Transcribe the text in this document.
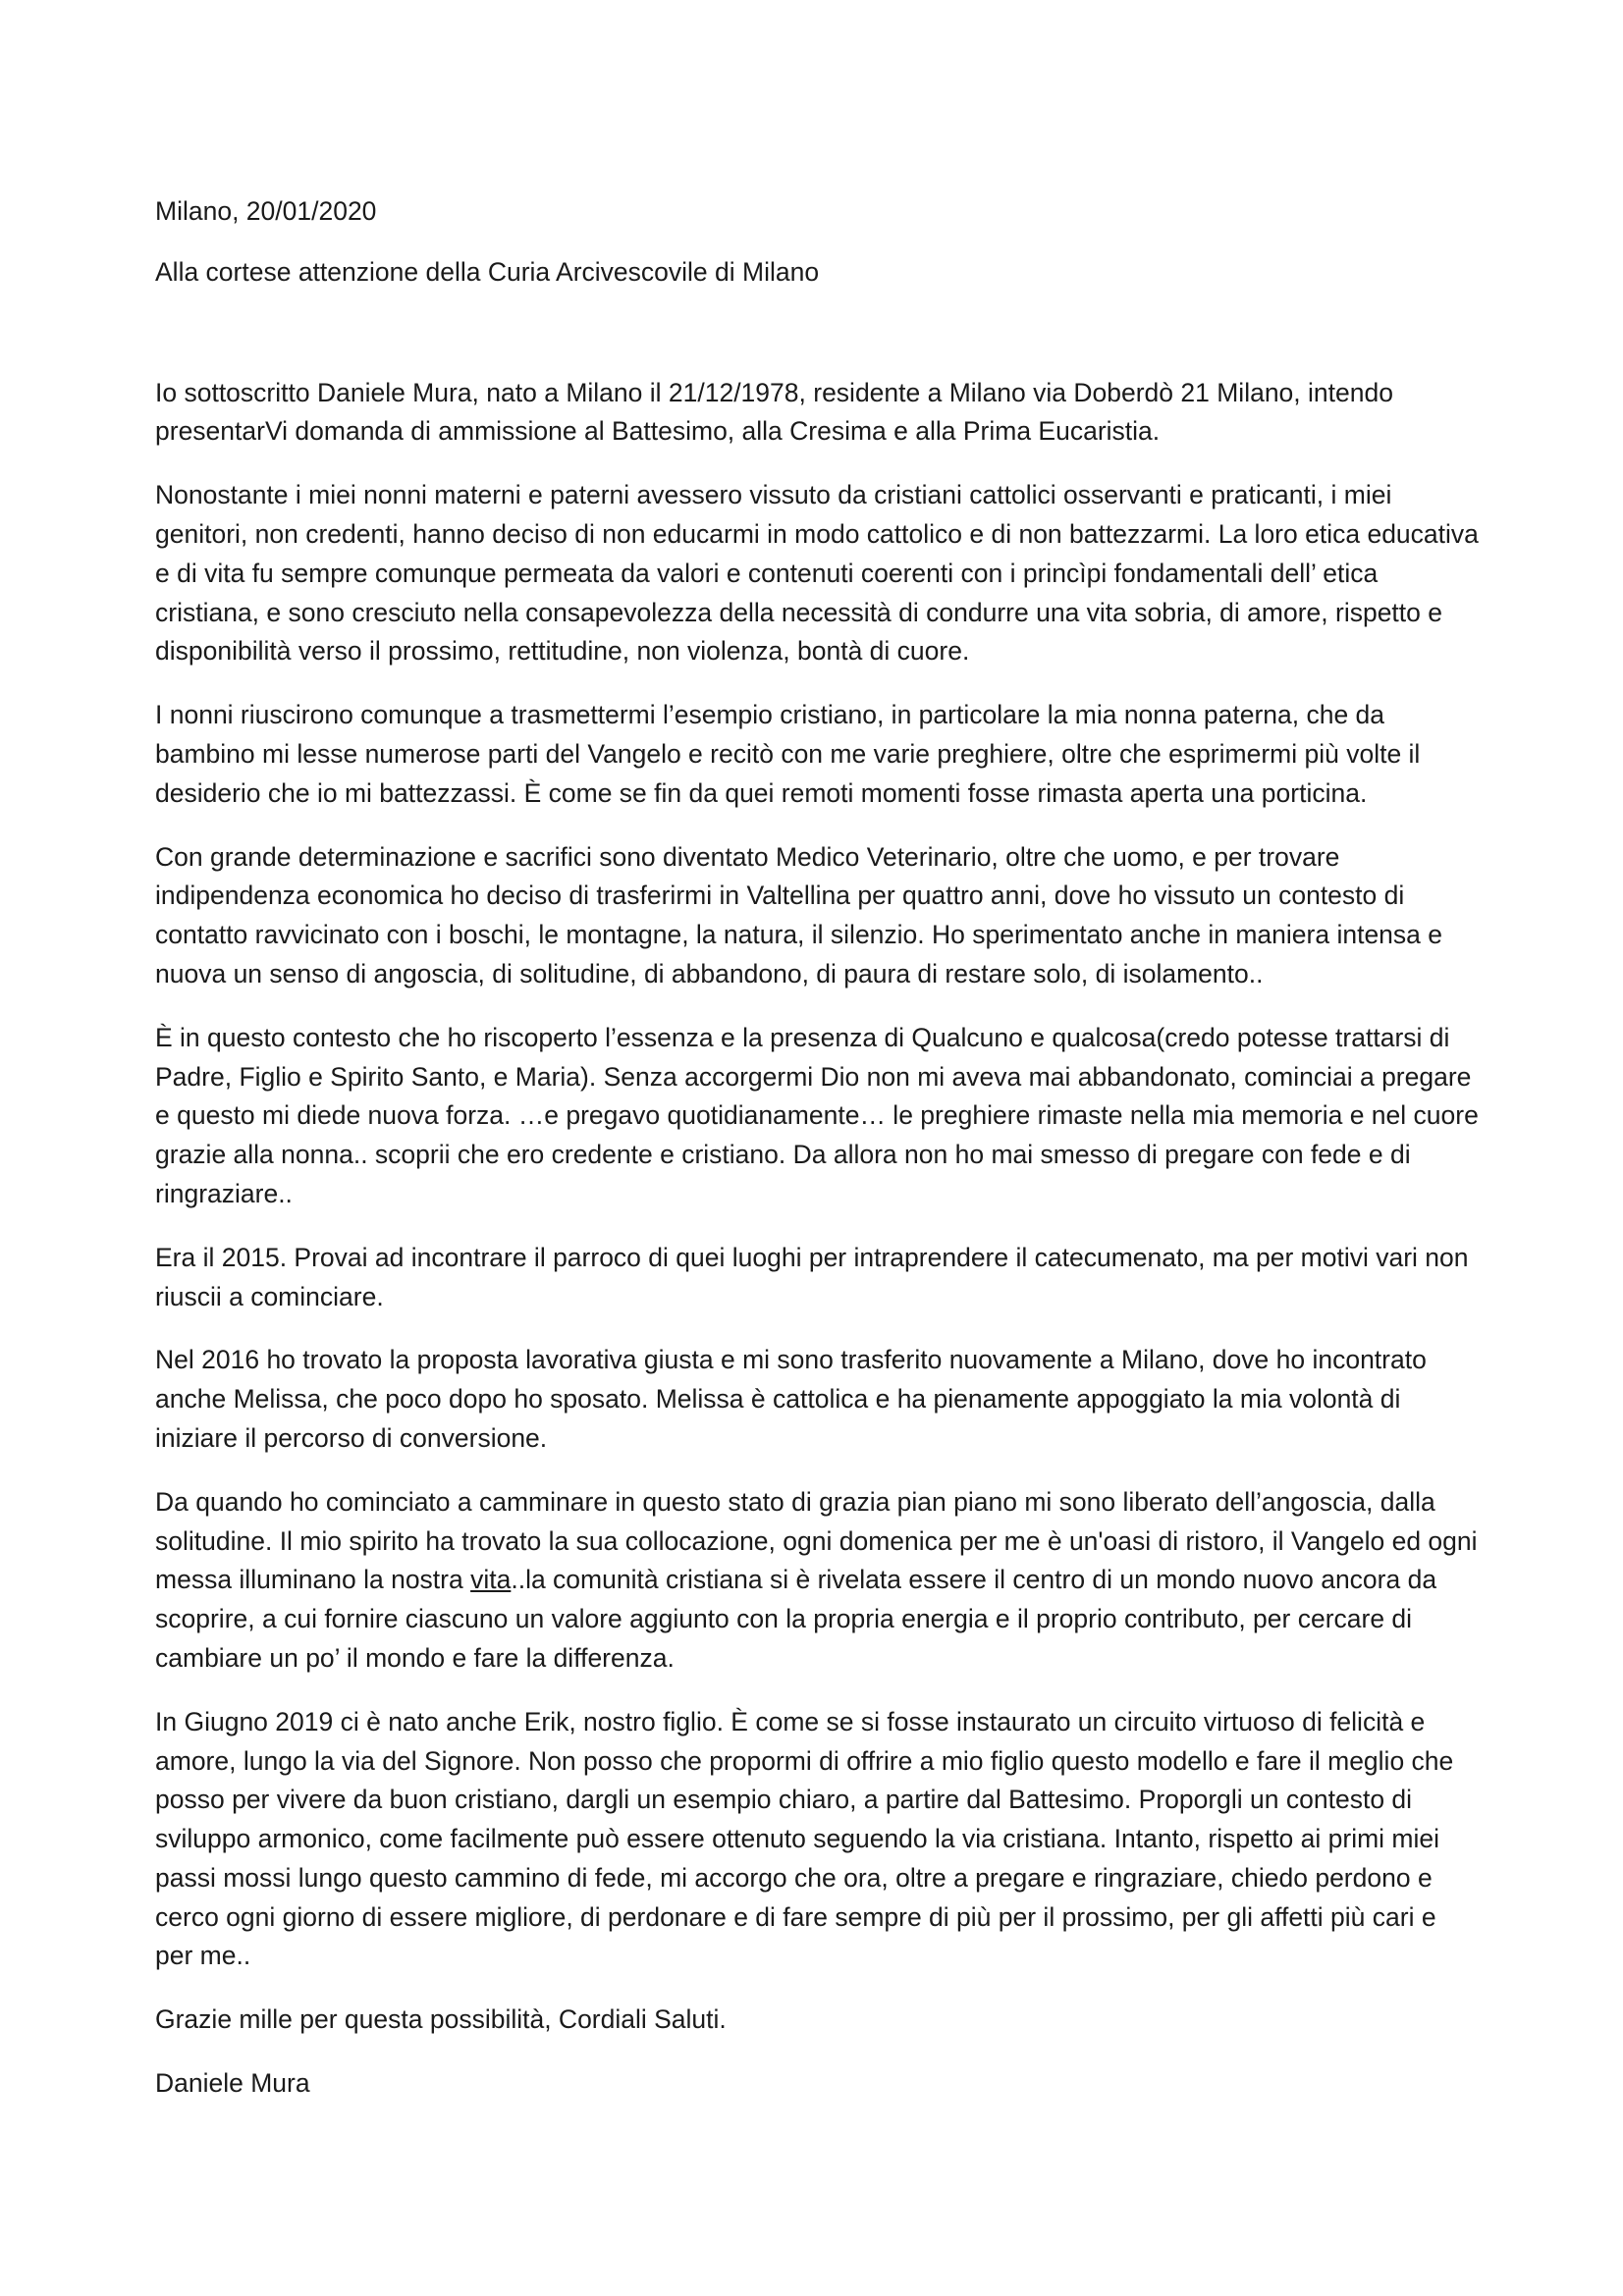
Milano, 20/01/2020

Alla cortese attenzione della Curia Arcivescovile di Milano

Io sottoscritto Daniele Mura, nato a Milano il 21/12/1978, residente a Milano via Doberdò 21 Milano, intendo presentarVi domanda di ammissione al Battesimo, alla Cresima e alla Prima Eucaristia.

Nonostante i miei nonni materni e paterni avessero vissuto da cristiani cattolici osservanti e praticanti, i miei genitori, non credenti, hanno deciso di non educarmi in modo cattolico e di non battezzarmi. La loro etica educativa e di vita fu sempre comunque permeata da valori e contenuti coerenti con i princìpi fondamentali dell’ etica cristiana, e sono cresciuto nella consapevolezza della necessità di condurre una vita sobria, di amore, rispetto e disponibilità verso il prossimo, rettitudine, non violenza, bontà di cuore.

I nonni riuscirono comunque a trasmettermi l’esempio cristiano, in particolare la mia nonna paterna, che da bambino mi lesse numerose parti del Vangelo e recitò con me varie preghiere, oltre che esprimermi più volte il desiderio che io mi battezzassi. È come se fin da quei remoti momenti fosse rimasta aperta una porticina.

Con grande determinazione e sacrifici sono diventato Medico Veterinario, oltre che uomo, e per trovare indipendenza economica ho deciso di trasferirmi in Valtellina per quattro anni, dove ho vissuto un contesto di contatto ravvicinato con i boschi, le montagne, la natura, il silenzio. Ho sperimentato anche in maniera intensa e nuova un senso di angoscia, di solitudine, di abbandono, di paura di restare solo, di isolamento..

È in questo contesto che ho riscoperto l’essenza e la presenza di Qualcuno e qualcosa(credo potesse trattarsi di Padre, Figlio e Spirito Santo, e Maria). Senza accorgermi Dio non mi aveva mai abbandonato, cominciai a pregare e questo mi diede nuova forza. …e pregavo quotidianamente… le preghiere rimaste nella mia memoria e nel cuore grazie alla nonna.. scoprii che ero credente e cristiano. Da allora non ho mai smesso di pregare con fede e di ringraziare..

Era il 2015. Provai ad incontrare il parroco di quei luoghi per intraprendere il catecumenato, ma per motivi vari non riuscii a cominciare.

Nel 2016 ho trovato la proposta lavorativa giusta e mi sono trasferito nuovamente a Milano, dove ho incontrato anche Melissa, che poco dopo ho sposato. Melissa è cattolica e ha pienamente appoggiato la mia volontà di iniziare il percorso di conversione.

Da quando ho cominciato a camminare in questo stato di grazia pian piano mi sono liberato dell’angoscia, dalla solitudine. Il mio spirito ha trovato la sua collocazione, ogni domenica per me è un'oasi di ristoro, il Vangelo ed ogni messa illuminano la nostra vita..la comunità cristiana si è rivelata essere il centro di un mondo nuovo ancora da scoprire, a cui fornire ciascuno un valore aggiunto con la propria energia e il proprio contributo, per cercare di cambiare un po’ il mondo e fare la differenza.

In Giugno 2019 ci è nato anche Erik, nostro figlio. È come se si fosse instaurato un circuito virtuoso di felicità e amore, lungo la via del Signore. Non posso che propormi di offrire a mio figlio questo modello e fare il meglio che posso per vivere da buon cristiano, dargli un esempio chiaro, a partire dal Battesimo. Proporgli un contesto di sviluppo armonico, come facilmente può essere ottenuto seguendo la via cristiana. Intanto, rispetto ai primi miei passi mossi lungo questo cammino di fede, mi accorgo che ora, oltre a pregare e ringraziare, chiedo perdono e cerco ogni giorno di essere migliore, di perdonare e di fare sempre di più per il prossimo, per gli affetti più cari e per me..

Grazie mille per questa possibilità, Cordiali Saluti.

Daniele Mura
